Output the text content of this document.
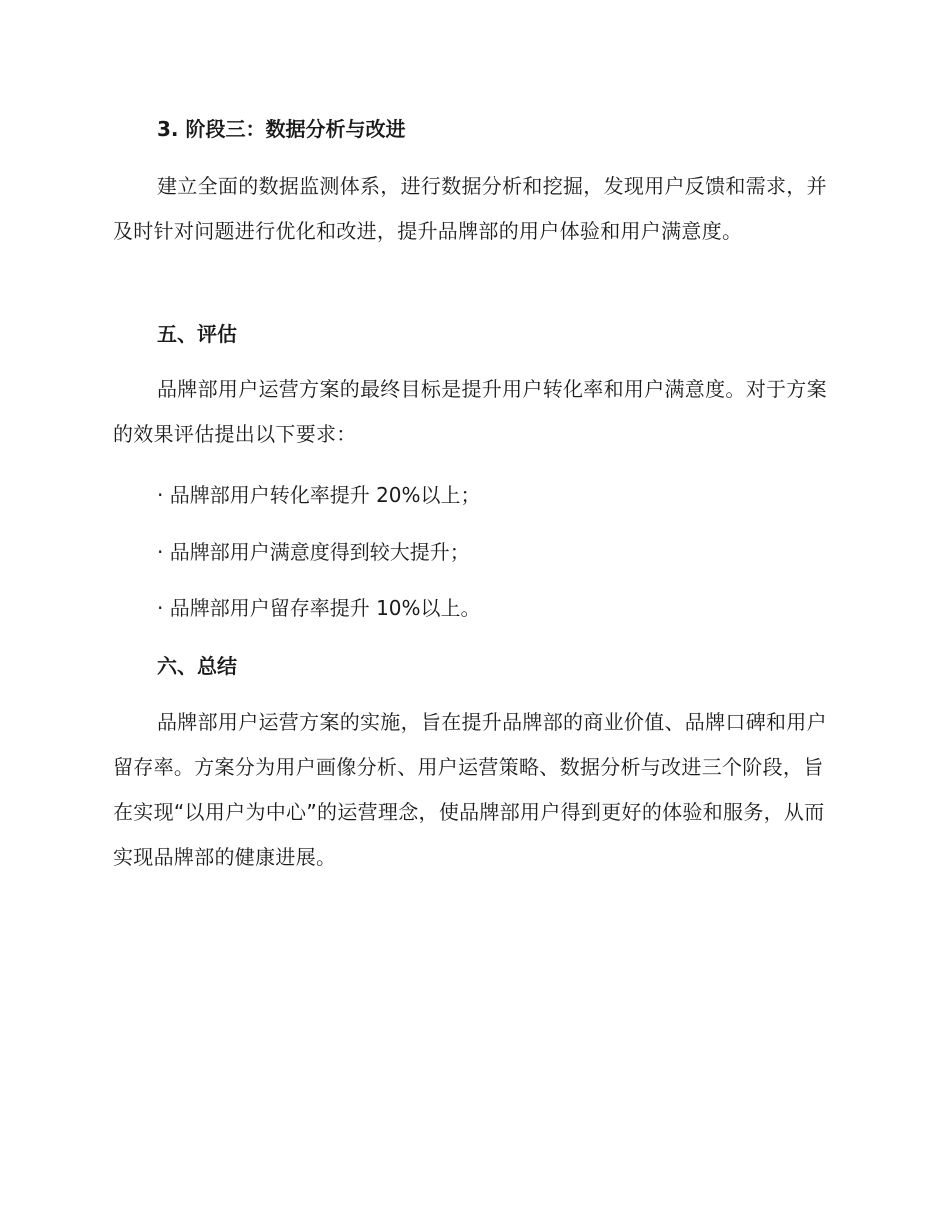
3. 阶段三：数据分析与改进

建立全面的数据监测体系，进行数据分析和挖掘，发现用户反馈和需求，并及时针对问题进行优化和改进，提升品牌部的用户体验和用户满意度。

五、评估

品牌部用户运营方案的最终目标是提升用户转化率和用户满意度。对于方案的效果评估提出以下要求：

· 品牌部用户转化率提升 20%以上；
· 品牌部用户满意度得到较大提升；
· 品牌部用户留存率提升 10%以上。
六、总结

品牌部用户运营方案的实施，旨在提升品牌部的商业价值、品牌口碑和用户留存率。方案分为用户画像分析、用户运营策略、数据分析与改进三个阶段，旨在实现“以用户为中心”的运营理念，使品牌部用户得到更好的体验和服务，从而实现品牌部的健康进展。
